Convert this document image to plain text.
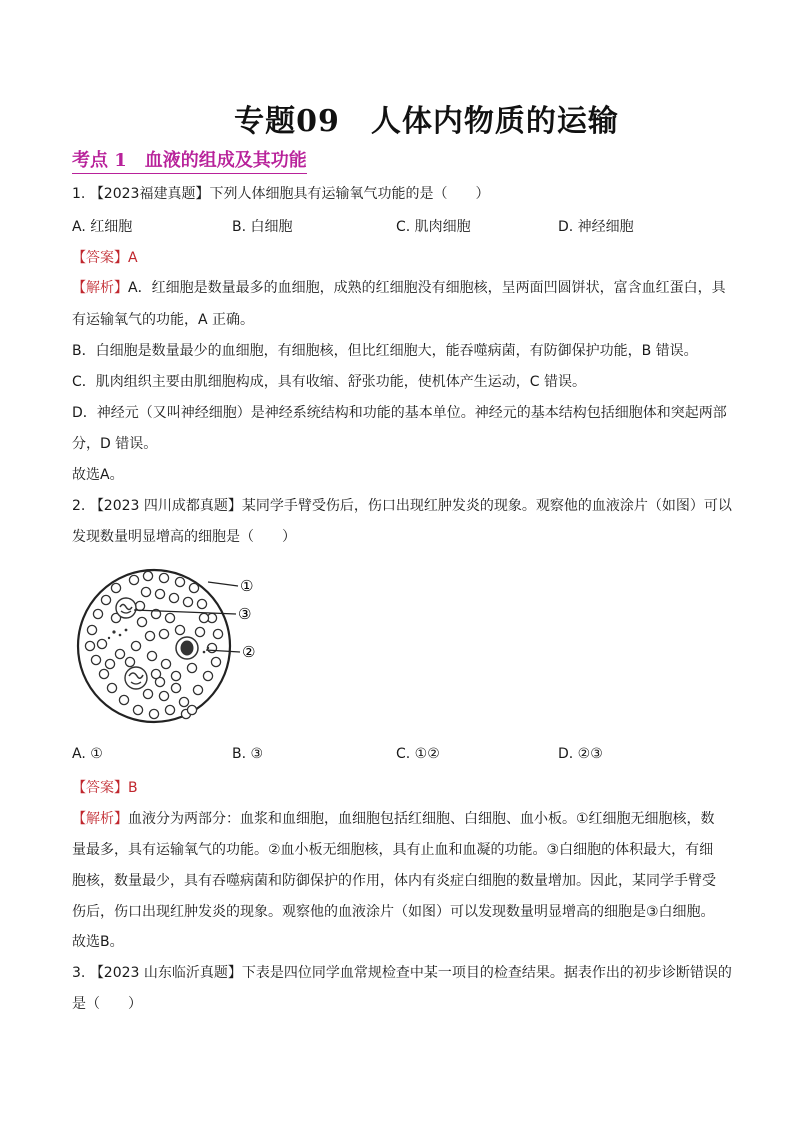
专题09　人体内物质的运输
考点 1　血液的组成及其功能
1. 【2023福建真题】下列人体细胞具有运输氧气功能的是（　　）
A. 红细胞	B. 白细胞	C. 肌肉细胞	D. 神经细胞
【答案】A
【解析】A．红细胞是数量最多的血细胞，成熟的红细胞没有细胞核，呈两面凹圆饼状，富含血红蛋白，具
有运输氧气的功能，A 正确。
B．白细胞是数量最少的血细胞，有细胞核，但比红细胞大，能吞噬病菌，有防御保护功能，B 错误。
C．肌肉组织主要由肌细胞构成，具有收缩、舒张功能，使机体产生运动，C 错误。
D．神经元（又叫神经细胞）是神经系统结构和功能的基本单位。神经元的基本结构包括细胞体和突起两部
分，D 错误。
故选A。
2. 【2023 四川成都真题】某同学手臂受伤后，伤口出现红肿发炎的现象。观察他的血液涂片（如图）可以
发现数量明显增高的细胞是（　　）
①
③
②
A. ①	B. ③	C. ①②	D. ②③
【答案】B
【解析】血液分为两部分：血浆和血细胞，血细胞包括红细胞、白细胞、血小板。①红细胞无细胞核，数
量最多，具有运输氧气的功能。②血小板无细胞核，具有止血和血凝的功能。③白细胞的体积最大，有细
胞核，数量最少，具有吞噬病菌和防御保护的作用，体内有炎症白细胞的数量增加。因此，某同学手臂受
伤后，伤口出现红肿发炎的现象。观察他的血液涂片（如图）可以发现数量明显增高的细胞是③白细胞。
故选B。
3. 【2023 山东临沂真题】下表是四位同学血常规检查中某一项目的检查结果。据表作出的初步诊断错误的
是（　　）
